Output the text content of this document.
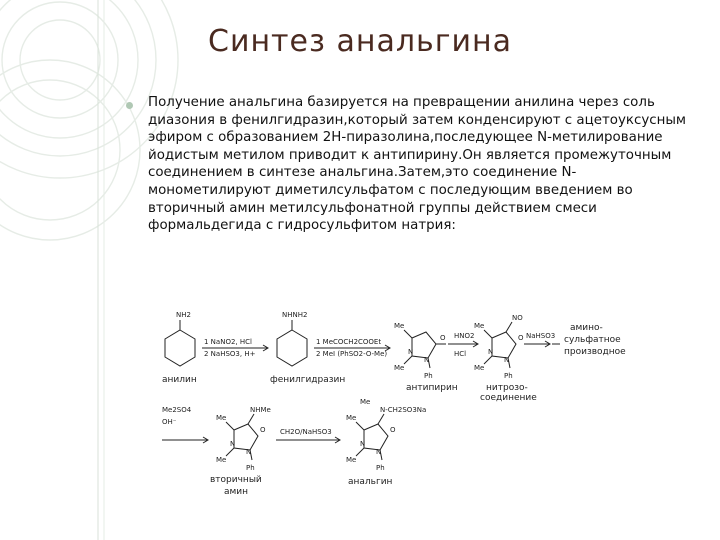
Синтез анальгина
Получение анальгина базируется на превращении анилина через соль диазония в фенилгидразин,который затем конденсируют с ацетоуксусным эфиром с образованием 2Н-пиразолина,последующее N-метилирование йодистым метилом приводит к антипирину.Он является промежуточным соединением в синтезе анальгина.Затем,это соединение N-монометилируют диметилсульфатом с последующим введением во вторичный амин метилсульфонатной группы действием смеси формальдегида с гидросульфитом натрия:
NH2
анилин
1 NaNO2, HCl
2 NaHSO3, H+
NHNH2
фенилгидразин
1 MeCOCH2COOEt
2 MeI (PhSO2-O-Me)
Me
Me
N
N
O
Ph
антипирин
HNO2
HCl
Me
Me
NO
N
N
O
Ph
нитрозо-
соединение
NaHSO3
амино-
сульфатное
производное
Me2SO4
OH⁻
NHMe
Me
Me
N
N
O
Ph
вторичный
амин
CH2O/NaHSO3
N-CH2SO3Na
Me
Me
Me
N
N
O
Ph
анальгин
